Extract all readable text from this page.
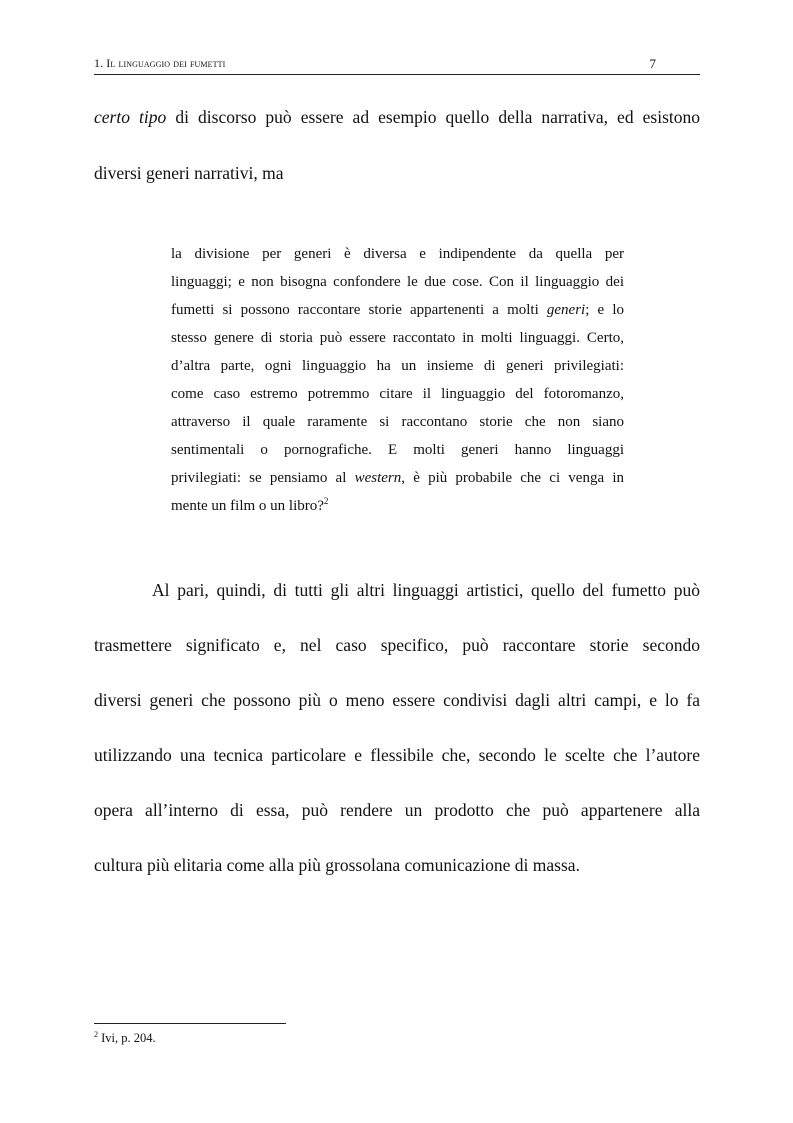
1. Il linguaggio dei fumetti	7
certo tipo di discorso può essere ad esempio quello della narrativa, ed esistono
diversi generi narrativi, ma
la divisione per generi è diversa e indipendente da quella per
linguaggi; e non bisogna confondere le due cose. Con il linguaggio dei
fumetti si possono raccontare storie appartenenti a molti generi; e lo
stesso genere di storia può essere raccontato in molti linguaggi. Certo,
d’altra parte, ogni linguaggio ha un insieme di generi privilegiati:
come caso estremo potremmo citare il linguaggio del fotoromanzo,
attraverso il quale raramente si raccontano storie che non siano
sentimentali o pornografiche. E molti generi hanno linguaggi
privilegiati: se pensiamo al western, è più probabile che ci venga in
mente un film o un libro?$^2$
Al pari, quindi, di tutti gli altri linguaggi artistici, quello del fumetto può
trasmettere significato e, nel caso specifico, può raccontare storie secondo
diversi generi che possono più o meno essere condivisi dagli altri campi, e lo fa
utilizzando una tecnica particolare e flessibile che, secondo le scelte che l’autore
opera all’interno di essa, può rendere un prodotto che può appartenere alla
cultura più elitaria come alla più grossolana comunicazione di massa.
$^2$ Ivi, p. 204.
